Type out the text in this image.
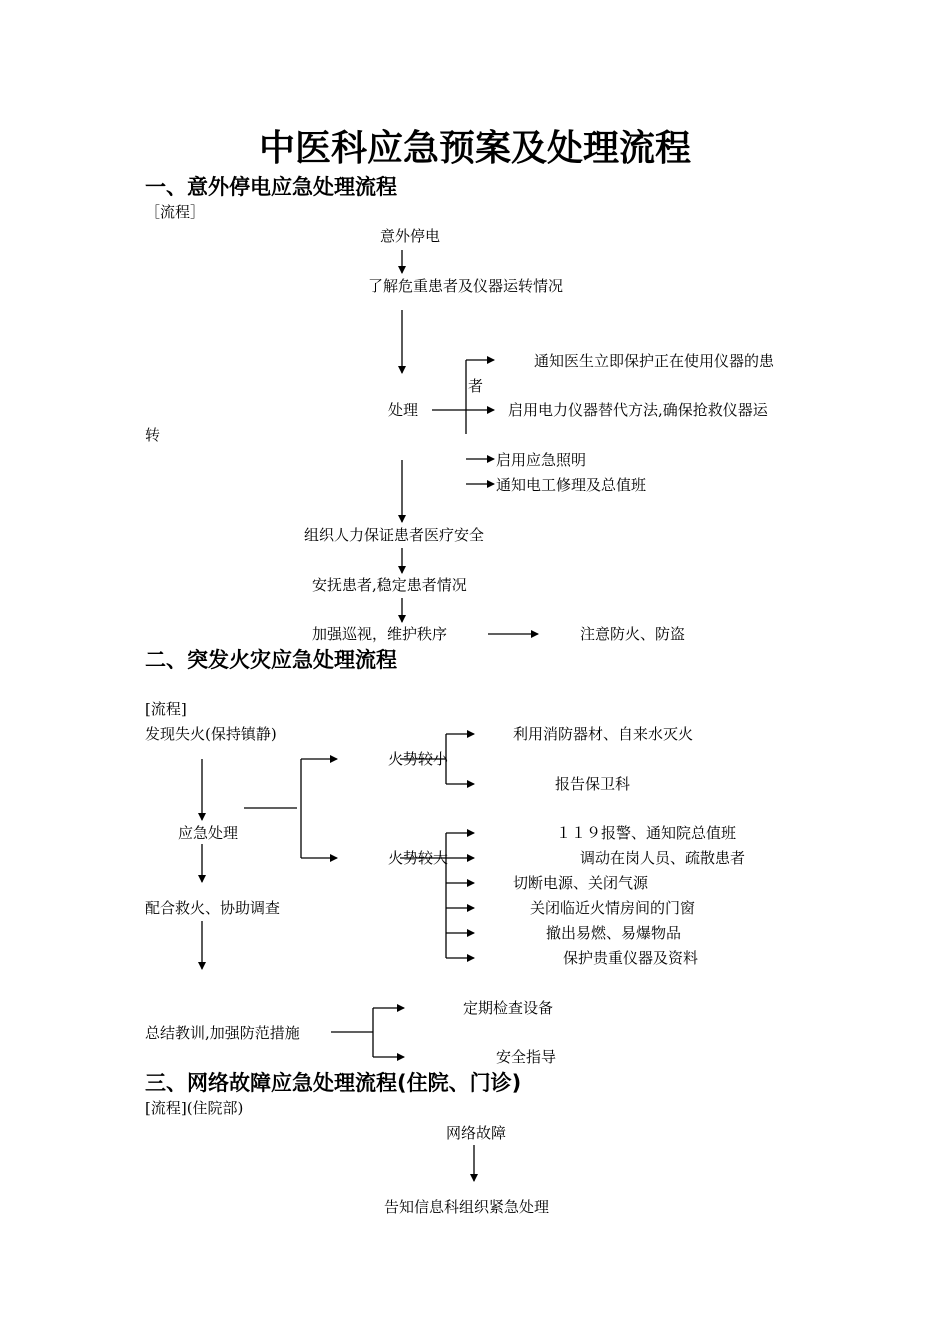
中医科应急预案及处理流程
一、意外停电应急处理流程
［流程］
意外停电
了解危重患者及仪器运转情况
通知医生立即保护正在使用仪器的患
者
处理	启用电力仪器替代方法,确保抢救仪器运
转
启用应急照明
通知电工修理及总值班
组织人力保证患者医疗安全
安抚患者,稳定患者情况
加强巡视，维护秩序	注意防火、防盗
二、突发火灾应急处理流程
[流程]
发现失火(保持镇静)	利用消防器材、自来水灭火
火势较小
报告保卫科
应急处理	１１９报警、通知院总值班
火势较大	调动在岗人员、疏散患者
切断电源、关闭气源
配合救火、协助调查	关闭临近火情房间的门窗
撤出易燃、易爆物品
保护贵重仪器及资料
定期检查设备
总结教训,加强防范措施
安全指导
三、网络故障应急处理流程(住院、门诊)
[流程](住院部)
网络故障
告知信息科组织紧急处理
